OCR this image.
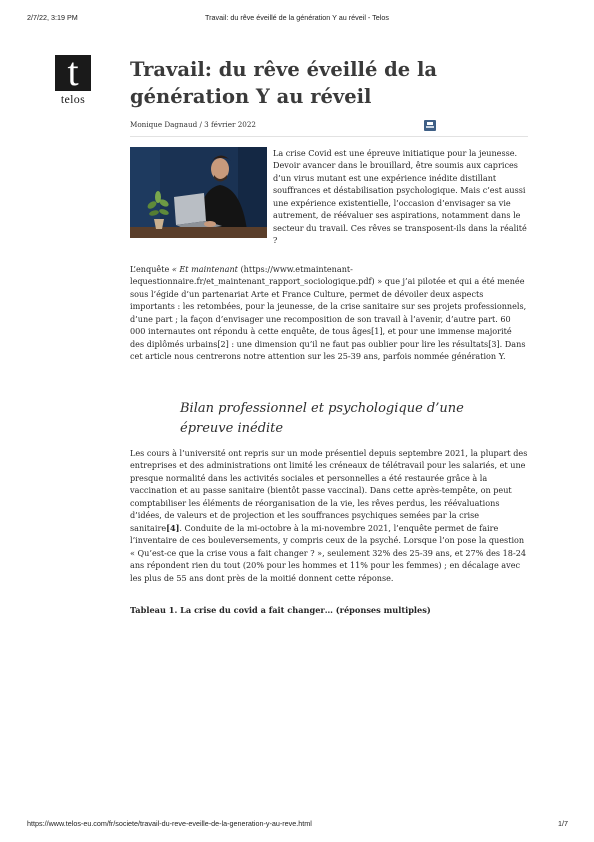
2/7/22, 3:19 PM	Travail: du rêve éveillé de la génération Y au réveil - Telos
t
telos
Travail: du rêve éveillé de la génération Y au réveil
Monique Dagnaud / 3 février 2022

La crise Covid est une épreuve initiatique pour la jeunesse. Devoir avancer dans le brouillard, être soumis aux caprices d’un virus mutant est une expérience inédite distillant souffrances et déstabilisation psychologique. Mais c’est aussi une expérience existentielle, l’occasion d’envisager sa vie autrement, de réévaluer ses aspirations, notamment dans le secteur du travail. Ces rêves se transposent-ils dans la réalité ?

L’enquête « Et maintenant (https://www.etmaintenant-lequestionnaire.fr/et_maintenant_rapport_sociologique.pdf) » que j’ai pilotée et qui a été menée sous l’égide d’un partenariat Arte et France Culture, permet de dévoiler deux aspects importants : les retombées, pour la jeunesse, de la crise sanitaire sur ses projets professionnels, d’une part ; la façon d’envisager une recomposition de son travail à l’avenir, d’autre part. 60 000 internautes ont répondu à cette enquête, de tous âges[1], et pour une immense majorité des diplômés urbains[2] : une dimension qu’il ne faut pas oublier pour lire les résultats[3]. Dans cet article nous centrerons notre attention sur les 25-39 ans, parfois nommée génération Y.

Bilan professionnel et psychologique d’une épreuve inédite

Les cours à l’université ont repris sur un mode présentiel depuis septembre 2021, la plupart des entreprises et des administrations ont limité les créneaux de télétravail pour les salariés, et une presque normalité dans les activités sociales et personnelles a été restaurée grâce à la vaccination et au passe sanitaire (bientôt passe vaccinal). Dans cette après-tempête, on peut comptabiliser les éléments de réorganisation de la vie, les rêves perdus, les réévaluations d’idées, de valeurs et de projection et les souffrances psychiques semées par la crise sanitaire[4]. Conduite de la mi-octobre à la mi-novembre 2021, l’enquête permet de faire l’inventaire de ces bouleversements, y compris ceux de la psyché. Lorsque l’on pose la question « Qu’est-ce que la crise vous a fait changer ? », seulement 32% des 25-39 ans, et 27% des 18-24 ans répondent rien du tout (20% pour les hommes et 11% pour les femmes) ; en décalage avec les plus de 55 ans dont près de la moitié donnent cette réponse.

Tableau 1. La crise du covid a fait changer… (réponses multiples)

https://www.telos-eu.com/fr/societe/travail-du-reve-eveille-de-la-generation-y-au-reve.html	1/7
